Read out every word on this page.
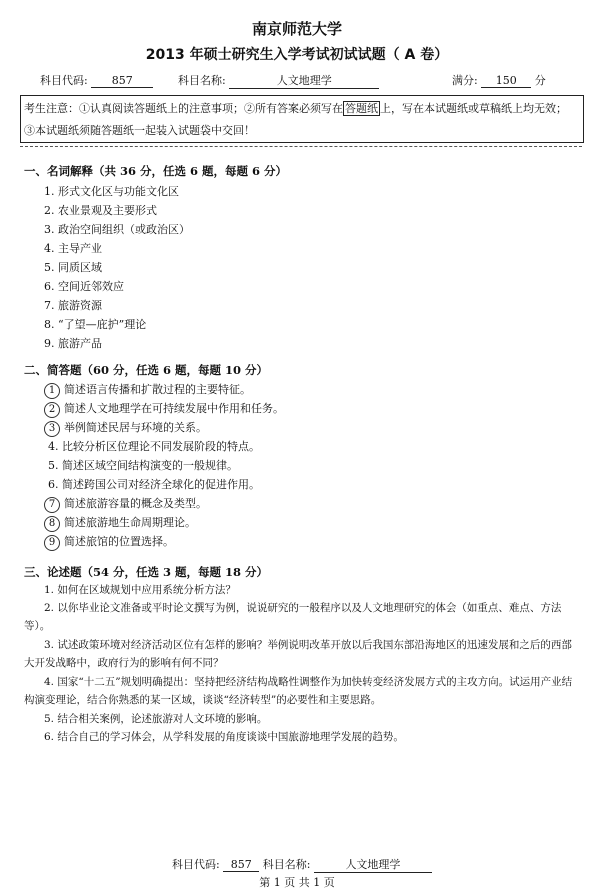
南京师范大学
2013 年硕士研究生入学考试初试试题（ A 卷）
科目代码: 857	科目名称:	人文地理学	满分: 150 分
考生注意：①认真阅读答题纸上的注意事项；②所有答案必须写在 答题纸 上，写在本试题纸或草稿纸上均无效；③本试题纸须随答题纸一起装入试题袋中交回！
一、名词解释（共 36 分，任选 6 题，每题 6 分）
1. 形式文化区与功能文化区
2. 农业景观及主要形式
3. 政治空间组织（或政治区）
4. 主导产业
5. 同质区域
6. 空间近邻效应
7. 旅游资源
8. “了望—庇护”理论
9. 旅游产品
二、简答题（60 分，任选 6 题，每题 10 分）
1 简述语言传播和扩散过程的主要特征。
2 简述人文地理学在可持续发展中作用和任务。
3 举例简述民居与环境的关系。
4. 比较分析区位理论不同发展阶段的特点。
5. 简述区域空间结构演变的一般规律。
6. 简述跨国公司对经济全球化的促进作用。
7 简述旅游容量的概念及类型。
8 简述旅游地生命周期理论。
9 简述旅馆的位置选择。
三、论述题（54 分，任选 3 题，每题 18 分）
1. 如何在区域规划中应用系统分析方法？
2. 以你毕业论文准备或平时论文撰写为例，说说研究的一般程序以及人文地理研究的体会（如重点、难点、方法等）。
3. 试述政策环境对经济活动区位有怎样的影响？举例说明改革开放以后我国东部沿海地区的迅速发展和之后的西部大开发战略中，政府行为的影响有何不同？
4. 国家“十二五”规划明确提出：坚持把经济结构战略性调整作为加快转变经济发展方式的主攻方向。试运用产业结构演变理论，结合你熟悉的某一区域，谈谈“经济转型”的必要性和主要思路。
5. 结合相关案例，论述旅游对人文环境的影响。
6. 结合自己的学习体会，从学科发展的角度谈谈中国旅游地理学发展的趋势。
科目代码: 857 科目名称:	人文地理学
第 1 页 共 1 页
